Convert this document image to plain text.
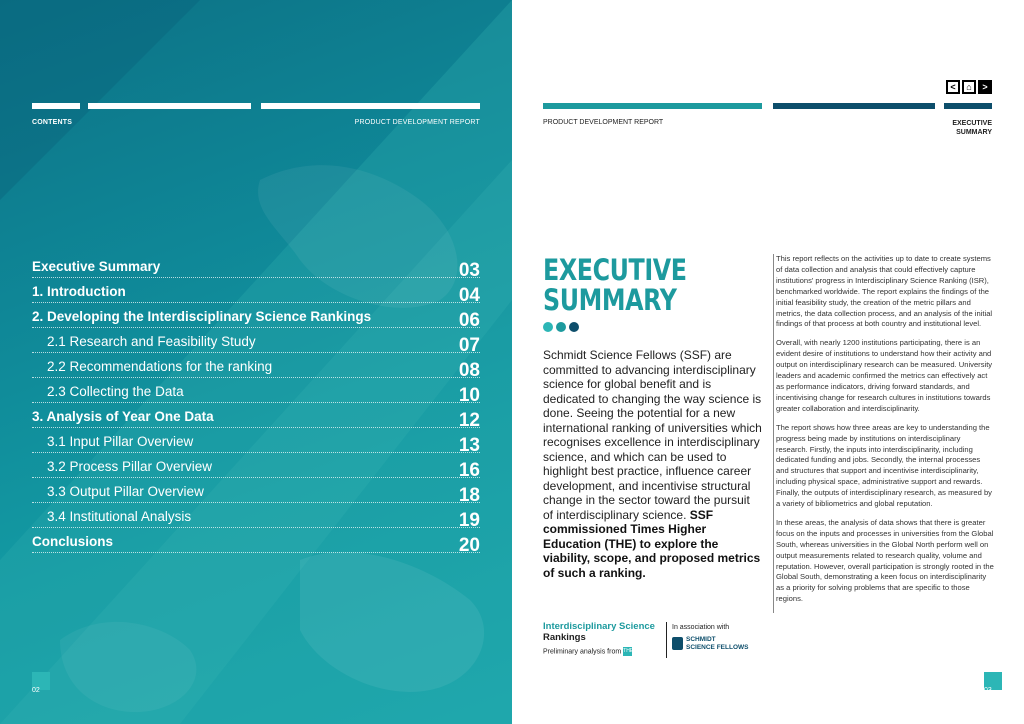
CONTENTS	PRODUCT DEVELOPMENT REPORT
Executive Summary	03
1. Introduction	04
2. Developing the Interdisciplinary Science Rankings	06
2.1 Research and Feasibility Study	07
2.2 Recommendations for the ranking	08
2.3 Collecting the Data	10
3. Analysis of Year One Data	12
3.1 Input Pillar Overview	13
3.2 Process Pillar Overview	16
3.3 Output Pillar Overview	18
3.4 Institutional Analysis	19
Conclusions	20
02
<	⌂	>
PRODUCT DEVELOPMENT REPORT	EXECUTIVE
SUMMARY
03
EXECUTIVE
SUMMARY
Schmidt Science Fellows (SSF) are committed to advancing interdisciplinary science for global benefit and is dedicated to changing the way science is done. Seeing the potential for a new international ranking of universities which recognises excellence in interdisciplinary science, and which can be used to highlight best practice, influence career development, and incentivise structural change in the sector toward the pursuit of interdisciplinary science. SSF commissioned Times Higher Education (THE) to explore the viability, scope, and proposed metrics of such a ranking.

This report reflects on the activities up to date to create systems of data collection and analysis that could effectively capture institutions' progress in Interdisciplinary Science Ranking (ISR), benchmarked worldwide. The report explains the findings of the initial feasibility study, the creation of the metric pillars and metrics, the data collection process, and an analysis of the initial findings of that process at both country and institutional level.

Overall, with nearly 1200 institutions participating, there is an evident desire of institutions to understand how their activity and output on interdisciplinary research can be measured. University leaders and academic confirmed the metrics can effectively act as performance indicators, driving forward standards, and incentivising change for research cultures in institutions towards greater collaboration and interdisciplinarity.

The report shows how three areas are key to understanding the progress being made by institutions on interdisciplinary research. Firstly, the inputs into interdisciplinarity, including dedicated funding and jobs. Secondly, the internal processes and structures that support and incentivise interdisciplinarity, including physical space, administrative support and rewards. Finally, the outputs of interdisciplinary research, as measured by a variety of bibliometrics and global reputation.

In these areas, the analysis of data shows that there is greater focus on the inputs and processes in universities from the Global South, whereas universities in the Global North perform well on output measurements related to research quality, volume and reputation. However, overall participation is strongly rooted in the Global South, demonstrating a keen focus on interdisciplinarity as a priority for solving problems that are specific to those regions.

Interdisciplinary Science
Rankings
Preliminary analysis from THE
In association with
SCHMIDT
SCIENCE FELLOWS
